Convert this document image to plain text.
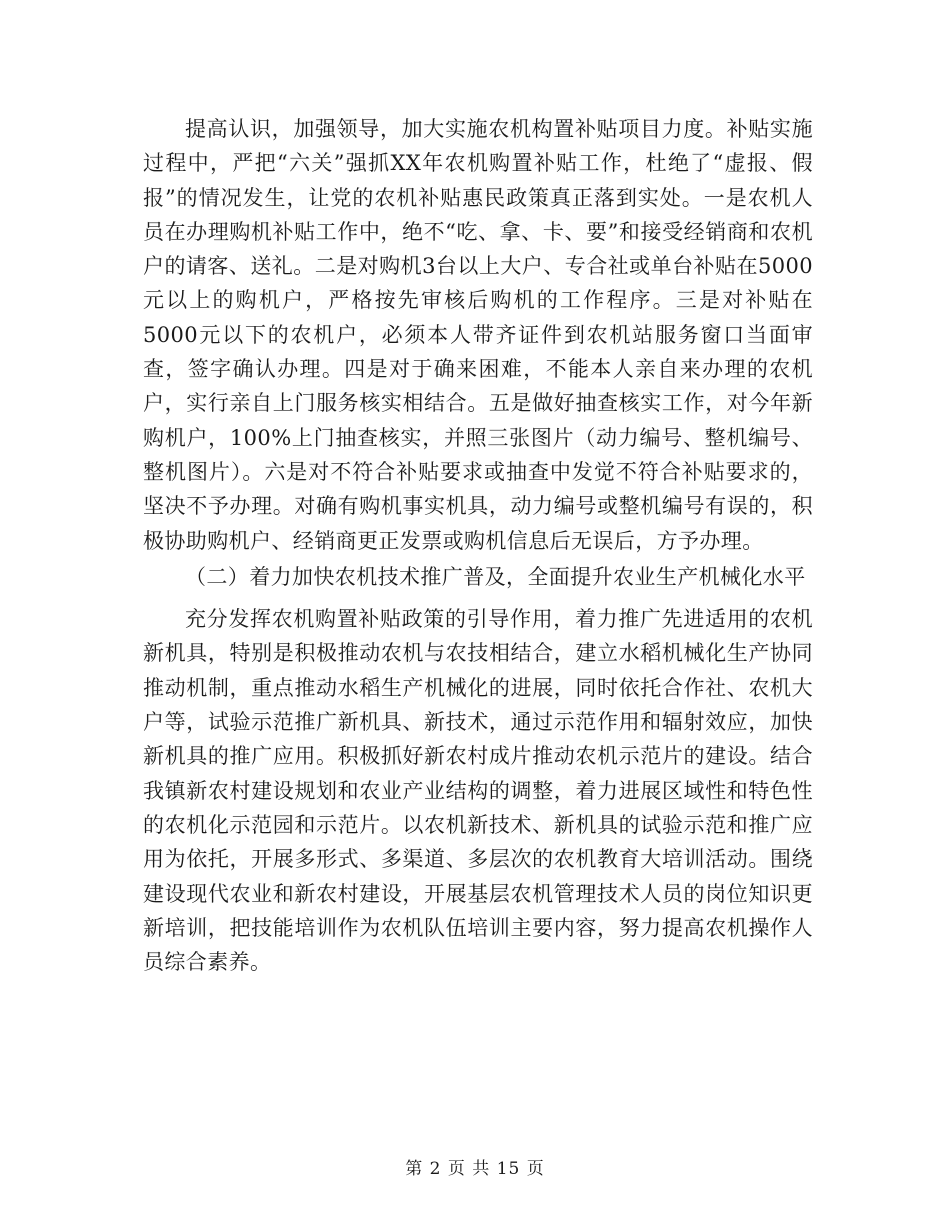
提高认识，加强领导，加大实施农机构置补贴项目力度。补贴实施过程中，严把“六关”强抓XX年农机购置补贴工作，杜绝了“虚报、假报”的情况发生，让党的农机补贴惠民政策真正落到实处。一是农机人员在办理购机补贴工作中，绝不“吃、拿、卡、要”和接受经销商和农机户的请客、送礼。二是对购机3台以上大户、专合社或单台补贴在5000元以上的购机户，严格按先审核后购机的工作程序。三是对补贴在5000元以下的农机户，必须本人带齐证件到农机站服务窗口当面审查，签字确认办理。四是对于确来困难，不能本人亲自来办理的农机户，实行亲自上门服务核实相结合。五是做好抽查核实工作，对今年新购机户，100%上门抽查核实，并照三张图片（动力编号、整机编号、整机图片）。六是对不符合补贴要求或抽查中发觉不符合补贴要求的，坚决不予办理。对确有购机事实机具，动力编号或整机编号有误的，积极协助购机户、经销商更正发票或购机信息后无误后，方予办理。

（二）着力加快农机技术推广普及，全面提升农业生产机械化水平

充分发挥农机购置补贴政策的引导作用，着力推广先进适用的农机新机具，特别是积极推动农机与农技相结合，建立水稻机械化生产协同推动机制，重点推动水稻生产机械化的进展，同时依托合作社、农机大户等，试验示范推广新机具、新技术，通过示范作用和辐射效应，加快新机具的推广应用。积极抓好新农村成片推动农机示范片的建设。结合我镇新农村建设规划和农业产业结构的调整，着力进展区域性和特色性的农机化示范园和示范片。以农机新技术、新机具的试验示范和推广应用为依托，开展多形式、多渠道、多层次的农机教育大培训活动。围绕建设现代农业和新农村建设，开展基层农机管理技术人员的岗位知识更新培训，把技能培训作为农机队伍培训主要内容，努力提高农机操作人员综合素养。

第 2 页 共 15 页
